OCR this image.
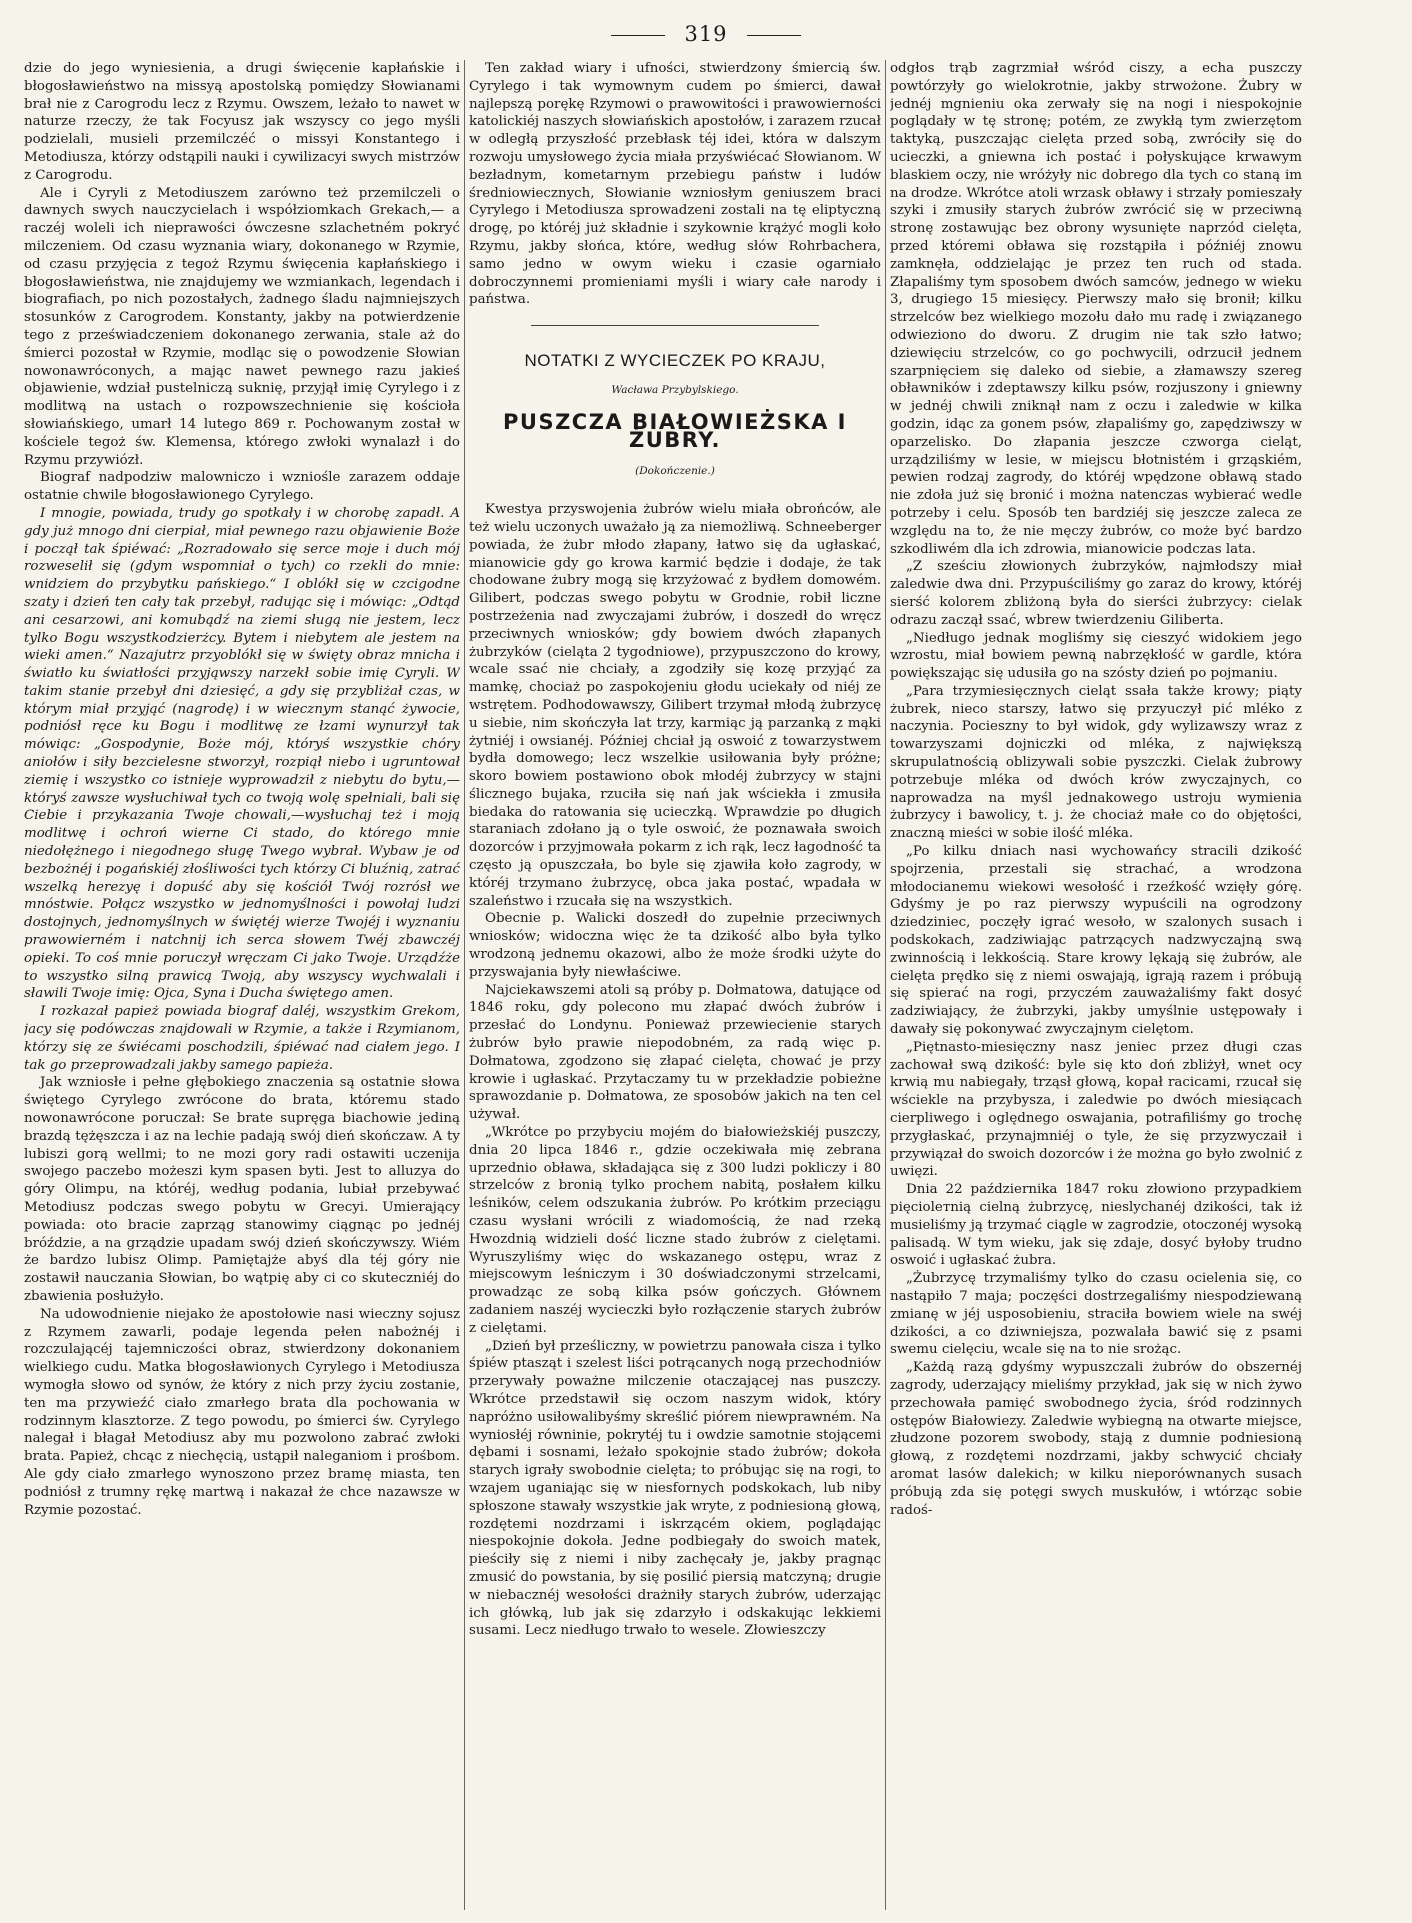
319

dzie do jego wyniesienia, a drugi święcenie kapłańskie i błogosławieństwo na missyą apostolską pomiędzy Słowianami brał nie z Carogrodu lecz z Rzymu. Owszem, leżało to nawet w naturze rzeczy, że tak Focyusz jak wszyscy co jego myśli podzielali, musieli przemilczéć o missyi Konstantego i Metodiusza, którzy odstąpili nauki i cywilizacyi swych mistrzów z Carogrodu.

Ale i Cyryli z Metodiuszem zarówno też przemilczeli o dawnych swych nauczycielach i współziomkach Grekach,— a raczéj woleli ich nieprawości ówczesne szlachetném pokryć milczeniem. Od czasu wyznania wiary, dokonanego w Rzymie, od czasu przyjęcia z tegoż Rzymu święcenia kapłańskiego i błogosławieństwa, nie znajdujemy we wzmiankach, legendach i biografiach, po nich pozostałych, żadnego śladu najmniejszych stosunków z Carogrodem. Konstanty, jakby na potwierdzenie tego z przeświadczeniem dokonanego zerwania, stale aż do śmierci pozostał w Rzymie, modląc się o powodzenie Słowian nowonawróconych, a mając nawet pewnego razu jakieś objawienie, wdział pustelniczą suknię, przyjął imię Cyrylego i z modlitwą na ustach o rozpowszechnienie się kościoła słowiańskiego, umarł 14 lutego 869 r. Pochowanym został w kościele tegoż św. Klemensa, którego zwłoki wynalazł i do Rzymu przywiózł.

Biograf nadpodziw malowniczo i wzniośle zarazem oddaje ostatnie chwile błogosławionego Cyrylego.

I mnogie, powiada, trudy go spotkały i w chorobę zapadł. A gdy już mnogo dni cierpiał, miał pewnego razu objawienie Boże i począł tak śpiéwać: „Rozradowało się serce moje i duch mój rozweselił się (gdym wspomniał o tych) co rzekli do mnie: wnidziem do przybytku pańskiego.“ I oblókł się w czcigodne szaty i dzień ten cały tak przebył, radując się i mówiąc: „Odtąd ani cesarzowi, ani komubądź na ziemi sługą nie jestem, lecz tylko Bogu wszystkodzierżcy. Bytem i niebytem ale jestem na wieki amen.“ Nazajutrz przyoblókł się w święty obraz mnicha i światło ku światłości przyjąwszy narzekł sobie imię Cyryli. W takim stanie przebył dni dziesięć, a gdy się przybliżał czas, w którym miał przyjąć (nagrodę) i w wiecznym stanąć żywocie, podniósł ręce ku Bogu i modlitwę ze łzami wynurzył tak mówiąc: „Gospodynie, Boże mój, któryś wszystkie chóry aniołów i siły bezcielesne stworzył, rozpiął niebo i ugruntował ziemię i wszystko co istnieje wyprowadził z niebytu do bytu,—któryś zawsze wysłuchiwał tych co twoją wolę spełniali, bali się Ciebie i przykazania Twoje chowali,—wysłuchaj też i moją modlitwę i ochroń wierne Ci stado, do którego mnie niedołężnego i niegodnego sługę Twego wybrał. Wybaw je od bezbożnéj i pogańskiéj złośliwości tych którzy Ci bluźnią, zatrać wszelką herezyę i dopuść aby się kościół Twój rozrósł we mnóstwie. Połącz wszystko w jednomyślności i powołaj ludzi dostojnych, jednomyślnych w świętéj wierze Twojéj i wyznaniu prawowierném i natchnij ich serca słowem Twéj zbawczéj opieki. To coś mnie poruczył wręczam Ci jako Twoje. Urządźże to wszystko silną prawicą Twoją, aby wszyscy wychwalali i sławili Twoje imię: Ojca, Syna i Ducha świętego amen.

I rozkazał papież powiada biograf daléj, wszystkim Grekom, jacy się podówczas znajdowali w Rzymie, a także i Rzymianom, którzy się ze świécami poschodzili, śpiéwać nad ciałem jego. I tak go przeprowadzali jakby samego papieża.

Jak wzniosłe i pełne głębokiego znaczenia są ostatnie słowa świętego Cyrylego zwrócone do brata, któremu stado nowonawrócone poruczał: Se brate supręga biachowie jediną brazdą tężęszcza i az na lechie padają swój dień skończaw. A ty lubiszi gorą wellmi; to ne mozi gory radi ostawiti uczenija swojego paczebo możeszi kym spasen byti. Jest to alluzya do góry Olimpu, na któréj, według podania, lubiał przebywać Metodiusz podczas swego pobytu w Grecyi. Umierający powiada: oto bracie zaprząg stanowimy ciągnąc po jednéj bróździe, a na grządzie upadam swój dzień skończywszy. Wiém że bardzo lubisz Olimp. Pamiętajże abyś dla téj góry nie zostawił nauczania Słowian, bo wątpię aby ci co skuteczniéj do zbawienia posłużyło.

Na udowodnienie niejako że apostołowie nasi wieczny sojusz z Rzymem zawarli, podaje legenda pełen nabożnéj i rozczulającéj tajemniczości obraz, stwierdzony dokonaniem wielkiego cudu. Matka błogosławionych Cyrylego i Metodiusza wymogła słowo od synów, że który z nich przy życiu zostanie, ten ma przywieźć ciało zmarłego brata dla pochowania w rodzinnym klasztorze. Z tego powodu, po śmierci św. Cyrylego nalegał i błagał Metodiusz aby mu pozwolono zabrać zwłoki brata. Papież, chcąc z niechęcią, ustąpił naleganiom i prośbom. Ale gdy ciało zmarłego wynoszono przez bramę miasta, ten podniósł z trumny rękę martwą i nakazał że chce nazawsze w Rzymie pozostać.

Ten zakład wiary i ufności, stwierdzony śmiercią św. Cyrylego i tak wymownym cudem po śmierci, dawał najlepszą porękę Rzymowi o prawowitości i prawowierności katolickiéj naszych słowiańskich apostołów, i zarazem rzucał w odległą przyszłość przebłask téj idei, która w dalszym rozwoju umysłowego życia miała przyświécać Słowianom. W bezładnym, kometarnym przebiegu państw i ludów średniowiecznych, Słowianie wzniosłym geniuszem braci Cyrylego i Metodiusza sprowadzeni zostali na tę eliptyczną drogę, po któréj już składnie i szykownie krążyć mogli koło Rzymu, jakby słońca, które, według słów Rohrbachera, samo jedno w owym wieku i czasie ogarniało dobroczynnemi promieniami myśli i wiary całe narody i państwa.

NOTATKI Z WYCIECZEK PO KRAJU,
Wacława Przybylskiego.
PUSZCZA BIAŁOWIEŻSKA I ŻUBRY.
(Dokończenie.)

Kwestya przyswojenia żubrów wielu miała obrońców, ale też wielu uczonych uważało ją za niemożliwą. Schneeberger powiada, że żubr młodo złapany, łatwo się da ugłaskać, mianowicie gdy go krowa karmić będzie i dodaje, że tak chodowane żubry mogą się krzyżować z bydłem domowém. Gilibert, podczas swego pobytu w Grodnie, robił liczne postrzeżenia nad zwyczajami żubrów, i doszedł do wręcz przeciwnych wniosków; gdy bowiem dwóch złapanych żubrzyków (cieląta 2 tygodniowe), przypuszczono do krowy, wcale ssać nie chciały, a zgodziły się kozę przyjąć za mamkę, chociaż po zaspokojeniu głodu uciekały od niéj ze wstrętem. Podhodowawszy, Gilibert trzymał młodą żubrzycę u siebie, nim skończyła lat trzy, karmiąc ją parzanką z mąki żytniéj i owsianéj. Później chciał ją oswoić z towarzystwem bydła domowego; lecz wszelkie usiłowania były próżne; skoro bowiem postawiono obok młodéj żubrzycy w stajni ślicznego bujaka, rzuciła się nań jak wściekła i zmusiła biedaka do ratowania się ucieczką. Wprawdzie po długich staraniach zdołano ją o tyle oswoić, że poznawała swoich dozorców i przyjmowała pokarm z ich rąk, lecz łagodność ta często ją opuszczała, bo byle się zjawiła koło zagrody, w któréj trzymano żubrzycę, obca jaka postać, wpadała w szaleństwo i rzucała się na wszystkich.

Obecnie p. Walicki doszedł do zupełnie przeciwnych wniosków; widoczna więc że ta dzikość albo była tylko wrodzoną jednemu okazowi, albo że może środki użyte do przyswajania były niewłaściwe.

Najciekawszemi atoli są próby p. Dołmatowa, datujące od 1846 roku, gdy polecono mu złapać dwóch żubrów i przesłać do Londynu. Ponieważ przewiecienie starych żubrów było prawie niepodobném, za radą więc p. Dołmatowa, zgodzono się złapać cielęta, chować je przy krowie i ugłaskać. Przytaczamy tu w przekładzie pobieżne sprawozdanie p. Dołmatowa, ze sposobów jakich na ten cel używał.

„Wkrótce po przybyciu mojém do białowieżskiéj puszczy, dnia 20 lipca 1846 r., gdzie oczekiwała mię zebrana uprzednio obława, składająca się z 300 ludzi pokliczy i 80 strzelców z bronią tylko prochem nabitą, posłałem kilku leśników, celem odszukania żubrów. Po krótkim przeciągu czasu wysłani wrócili z wiadomością, że nad rzeką Hwozdnią widzieli dość liczne stado żubrów z cielętami. Wyruszyliśmy więc do wskazanego ostępu, wraz z miejscowym leśniczym i 30 doświadczonymi strzelcami, prowadząc ze sobą kilka psów gończych. Głównem zadaniem naszéj wycieczki było rozłączenie starych żubrów z cielętami.

„Dzień był prześliczny, w powietrzu panowała cisza i tylko śpiéw ptasząt i szelest liści potrącanych nogą przechodniów przerywały poważne milczenie otaczającej nas puszczy. Wkrótce przedstawił się oczom naszym widok, który napróżno usiłowalibyśmy skreślić piórem niewprawném. Na wyniosłéj równinie, pokrytéj tu i owdzie samotnie stojącemi dębami i sosnami, leżało spokojnie stado żubrów; dokoła starych igrały swobodnie cielęta; to próbując się na rogi, to wzajem uganiając się w niesfornych podskokach, lub niby spłoszone stawały wszystkie jak wryte, z podniesioną głową, rozdętemi nozdrzami i iskrzącém okiem, poglądając niespokojnie dokoła. Jedne podbiegały do swoich matek, pieściły się z niemi i niby zachęcały je, jakby pragnąc zmusić do powstania, by się posilić piersią matczyną; drugie w niebacznéj wesołości drażniły starych żubrów, uderzając ich główką, lub jak się zdarzyło i odskakując lekkiemi susami. Lecz niedługo trwało to wesele. Złowieszczy

odgłos trąb zagrzmiał wśród ciszy, a echa puszczy powtórzyły go wielokrotnie, jakby strwożone. Żubry w jednéj mgnieniu oka zerwały się na nogi i niespokojnie poglądały w tę stronę; potém, ze zwykłą tym zwierzętom taktyką, puszczając cielęta przed sobą, zwróciły się do ucieczki, a gniewna ich postać i połyskujące krwawym blaskiem oczy, nie wróżyły nic dobrego dla tych co staną im na drodze. Wkrótce atoli wrzask obławy i strzały pomieszały szyki i zmusiły starych żubrów zwrócić się w przeciwną stronę zostawując bez obrony wysunięte naprzód cielęta, przed któremi obława się rozstąpiła i późniéj znowu zamknęła, oddzielając je przez ten ruch od stada. Złapaliśmy tym sposobem dwóch samców, jednego w wieku 3, drugiego 15 miesięcy. Pierwszy mało się bronił; kilku strzelców bez wielkiego mozołu dało mu radę i związanego odwieziono do dworu. Z drugim nie tak szło łatwo; dziewięciu strzelców, co go pochwycili, odrzucił jednem szarpnięciem się daleko od siebie, a złamawszy szereg obławników i zdeptawszy kilku psów, rozjuszony i gniewny w jednéj chwili zniknął nam z oczu i zaledwie w kilka godzin, idąc za gonem psów, złapaliśmy go, zapędziwszy w oparzelisko. Do złapania jeszcze czworga cieląt, urządziliśmy w lesie, w miejscu błotnistém i grząskiém, pewien rodzaj zagrody, do któréj wpędzone obławą stado nie zdoła już się bronić i można natenczas wybierać wedle potrzeby i celu. Sposób ten bardziéj się jeszcze zaleca ze względu na to, że nie męczy żubrów, co może być bardzo szkodliwém dla ich zdrowia, mianowicie podczas lata.

„Z sześciu złowionych żubrzyków, najmłodszy miał zaledwie dwa dni. Przypuściliśmy go zaraz do krowy, któréj sierść kolorem zbliżoną była do sierści żubrzycy: cielak odrazu zaczął ssać, wbrew twierdzeniu Giliberta.

„Niedługo jednak mogliśmy się cieszyć widokiem jego wzrostu, miał bowiem pewną nabrzękłość w gardle, która powiększając się udusiła go na szósty dzień po pojmaniu.

„Para trzymiesięcznych cieląt ssała także krowy; piąty żubrek, nieco starszy, łatwo się przyuczył pić mléko z naczynia. Pocieszny to był widok, gdy wylizawszy wraz z towarzyszami dojniczki od mléka, z największą skrupulatnością oblizywali sobie pyszczki. Cielak żubrowy potrzebuje mléka od dwóch krów zwyczajnych, co naprowadza na myśl jednakowego ustroju wymienia żubrzycy i bawolicy, t. j. że chociaż małe co do objętości, znaczną mieści w sobie ilość mléka.

„Po kilku dniach nasi wychowańcy stracili dzikość spojrzenia, przestali się strachać, a wrodzona młodocianemu wiekowi wesołość i rzeźkość wzięły górę. Gdyśmy je po raz pierwszy wypuścili na ogrodzony dziedziniec, poczęły igrać wesoło, w szalonych susach i podskokach, zadziwiając patrzących nadzwyczajną swą zwinnością i lekkością. Stare krowy lękają się żubrów, ale cielęta prędko się z niemi oswajają, igrają razem i próbują się spierać na rogi, przyczém zauważaliśmy fakt dosyć zadziwiający, że żubrzyki, jakby umyślnie ustępowały i dawały się pokonywać zwyczajnym cielętom.

„Piętnasto-miesięczny nasz jeniec przez długi czas zachował swą dzikość: byle się kto doń zbliżył, wnet ocy krwią mu nabiegały, trząsł głową, kopał racicami, rzucał się wściekle na przybysza, i zaledwie po dwóch miesiącach cierpliwego i oględnego oswajania, potrafiliśmy go trochę przygłaskać, przynajmniéj o tyle, że się przyzwyczaił i przywiązał do swoich dozorców i że można go było zwolnić z uwięzi.

Dnia 22 października 1847 roku złowiono przypadkiem pięciolетnią cielną żubrzycę, nieslychanéj dzikości, tak iż musieliśmy ją trzymać ciągle w zagrodzie, otoczonéj wysoką palisadą. W tym wieku, jak się zdaje, dosyć byłoby trudno oswoić i ugłaskać żubra.

„Żubrzycę trzymaliśmy tylko do czasu ocielenia się, co nastąpiło 7 maja; poczęści dostrzegaliśmy niespodziewaną zmianę w jéj usposobieniu, straciła bowiem wiele na swéj dzikości, a co dziwniejsza, pozwalała bawić się z psami swemu cielęciu, wcale się na to nie srożąc.

„Każdą razą gdyśmy wypuszczali żubrów do obszernéj zagrody, uderzający mieliśmy przykład, jak się w nich żywo przechowała pamięć swobodnego życia, śród rodzinnych ostępów Białowiezy. Zaledwie wybiegną na otwarte miejsce, złudzone pozorem swobody, stają z dumnie podniesioną głową, z rozdętemi nozdrzami, jakby schwycić chciały aromat lasów dalekich; w kilku nieporównanych susach próbują zda się potęgi swych muskułów, i wtórząc sobie radoś-
